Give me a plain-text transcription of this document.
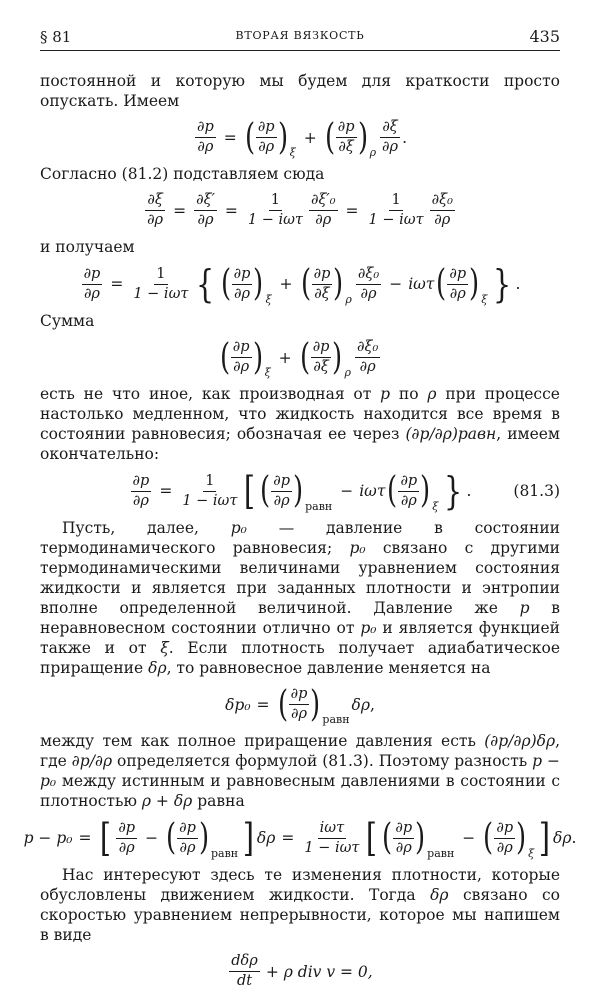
§ 81	ВТОРАЯ ВЯЗКОСТЬ	435

постоянной и которую мы будем для краткости просто опускать. Имеем

$\frac{\partial p}{\partial\rho}$ = ( ∂p
∂ρ ) ξ
+ ( ∂p
∂ξ ) ρ
∂ξ
∂ρ
.

Согласно (81.2) подставляем сюда

$\frac{\partial\xi}{\partial\rho} = \frac{\partial\xi'}{\partial\rho}$ =
1
1 − iωτ $\frac{\text{∂ξ′₀}}{\partial\rho}$ =
1
1 − iωτ
∂ξ₀
∂ρ

и получаем

$\frac{\partial p}{\partial\rho}$ =
1
1 − iωτ { ( ∂p
∂ρ ) ξ
+ ( ∂p
∂ξ ) ρ
∂ξ₀
∂ρ
− iωτ ( ∂p
∂ρ ) ξ } .

Сумма

( ∂p
∂ρ ) ξ
+ ( ∂p
∂ξ ) ρ
∂ξ₀
∂ρ

есть не что иное, как производная от p по ρ при процессе настолько медленном, что жидкость находится все время в состоянии равновесия; обозначая ее через (∂p/∂ρ)равн, имеем окончательно:

$\frac{\partial p}{\partial\rho}$ =
1
1 − iωτ [ ( ∂p
∂ρ ) равн
− iωτ ( ∂p
∂ρ ) ξ } .	(81.3)

Пусть, далее, p₀ — давление в состоянии термодинамического равновесия; p₀ связано с другими термодинамическими величинами уравнением состояния жидкости и является при заданных плотности и энтропии вполне определенной величиной. Давление же p в неравновесном состоянии отлично от p₀ и является функцией также и от ξ. Если плотность получает адиабатическое приращение δρ, то равновесное давление меняется на

δp₀ = ( ∂p
∂ρ ) равн
δρ ,

между тем как полное приращение давления есть (∂p/∂ρ)δρ, где ∂p/∂ρ определяется формулой (81.3). Поэтому разность p − p₀ между истинным и равновесным давлениями в состоянии с плотностью ρ + δρ равна

p − p₀ = [ ∂p
∂ρ
− ( ∂p
∂ρ ) равн ] δρ =
iωτ
1 − iωτ [ ( ∂p
∂ρ ) равн
− ( ∂p
∂ρ ) ξ ] δρ .

Нас интересуют здесь те изменения плотности, которые обусловлены движением жидкости. Тогда δρ связано со скоростью уравнением непрерывности, которое мы напишем в виде

dδρ
dt
+ ρ div v = 0,
